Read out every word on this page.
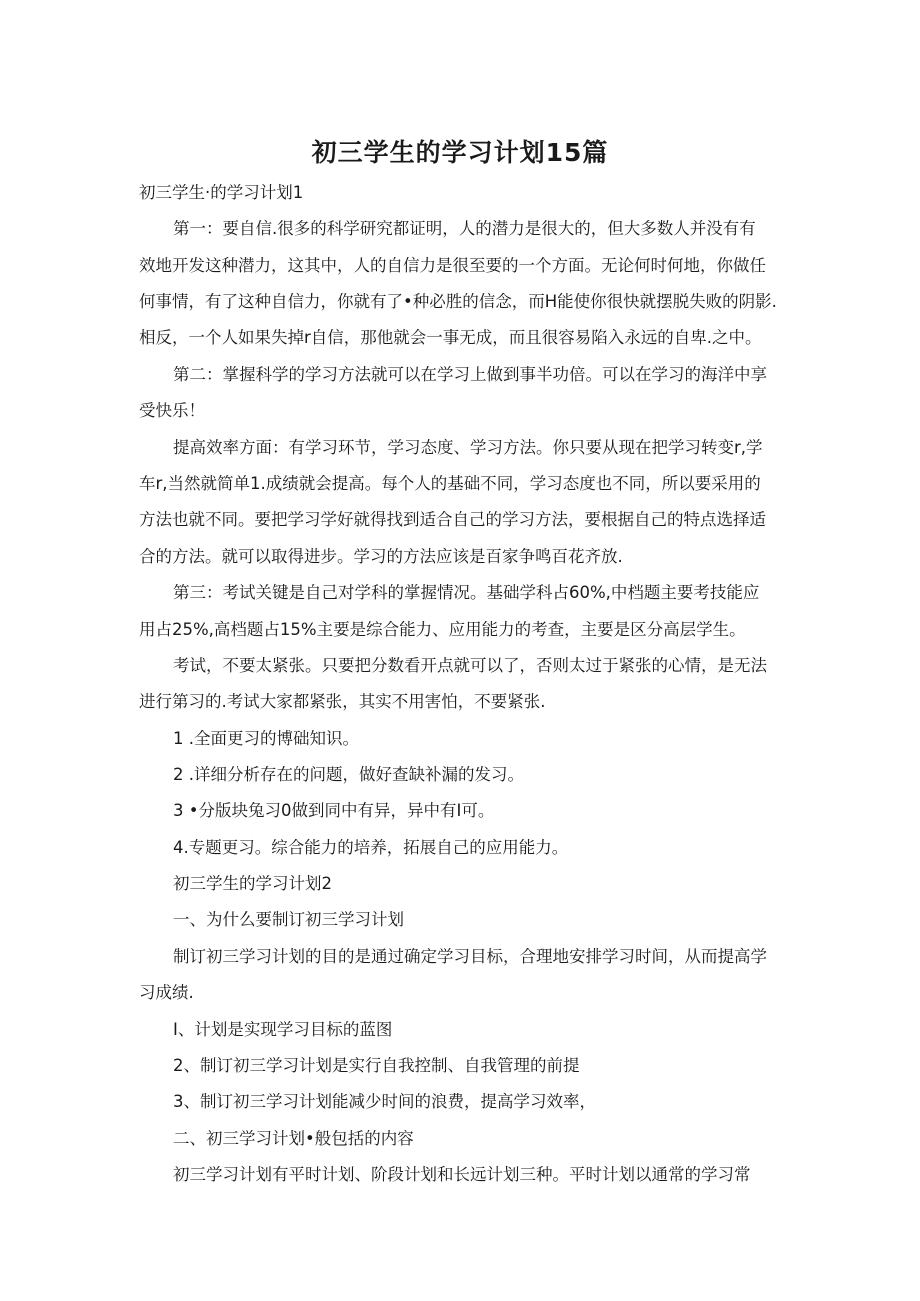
初三学生的学习计划15篇

初三学生·的学习计划1

第一：要自信.很多的科学研究都证明，人的潜力是很大的，但大多数人并没有有

效地开发这种潜力，这其中，人的自信力是很至要的一个方面。无论何时何地，你做任

何事情，有了这种自信力，你就有了•种必胜的信念，而H能使你很快就摆脱失败的阴影.

相反，一个人如果失掉r自信，那他就会一事无成，而且很容易陷入永远的自卑.之中。

第二：掌握科学的学习方法就可以在学习上做到事半功倍。可以在学习的海洋中享

受快乐！

提高效率方面：有学习环节，学习态度、学习方法。你只要从现在把学习转变r,学

车r,当然就简单1.成绩就会提高。每个人的基础不同，学习态度也不同，所以要采用的

方法也就不同。要把学习学好就得找到适合自己的学习方法，要根据自己的特点选择适

合的方法。就可以取得进步。学习的方法应该是百家争鸣百花齐放.

第三：考试关键是自己对学科的掌握情况。基础学科占60%,中档题主要考技能应

用占25%,高档题占15%主要是综合能力、应用能力的考查，主要是区分高层学生。

考试，不要太紧张。只要把分数看开点就可以了，否则太过于紧张的心情，是无法

进行第习的.考试大家都紧张，其实不用害怕，不要紧张.

1 .全面更习的博础知识。

2 .详细分析存在的问题，做好查缺补漏的发习。

3 •分版块兔习0做到同中有异，异中有I可。

4.专题更习。综合能力的培养，拓展自己的应用能力。

初三学生的学习计划2

一、为什么要制订初三学习计划

制订初三学习计划的目的是通过确定学习目标，合理地安排学习时间，从而提高学

习成绩.

I、计划是实现学习目标的蓝图

2、制订初三学习计划是实行自我控制、自我管理的前提

3、制订初三学习计划能减少时间的浪费，提高学习效率，

二、初三学习计划•般包括的内容

初三学习计划有平时计划、阶段计划和长远计划三种。平时计划以通常的学习常
